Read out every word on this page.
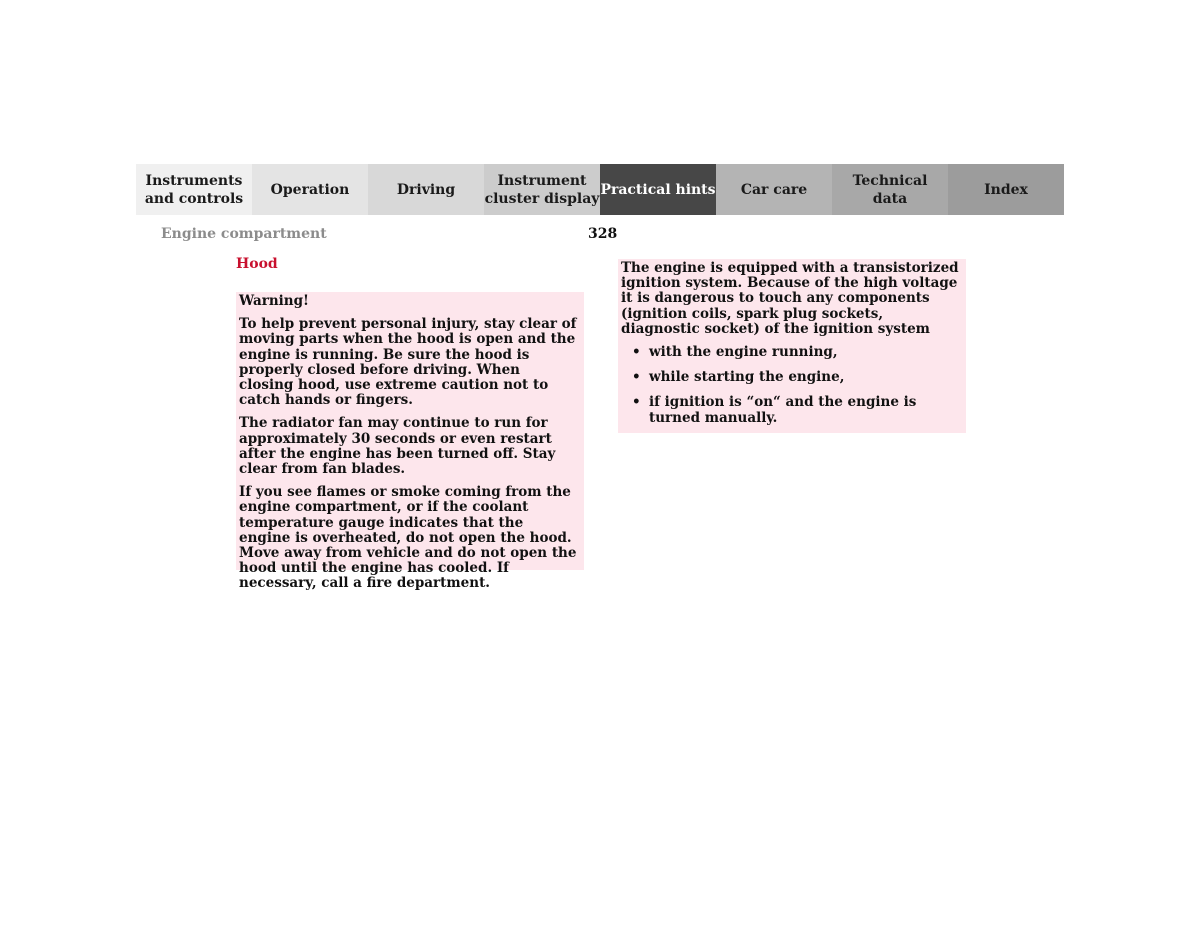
Instruments
and controls
Operation	Driving
Instrument
cluster display
Practical hints	Car care
Technical
data
Index
Engine compartment	328
Hood

Warning!

To help prevent personal injury, stay clear of moving parts when the hood is open and the engine is running. Be sure the hood is properly closed before driving. When closing hood, use extreme caution not to catch hands or fingers.

The radiator fan may continue to run for approximately 30 seconds or even restart after the engine has been turned off. Stay clear from fan blades.

If you see flames or smoke coming from the engine compartment, or if the coolant temperature gauge indicates that the engine is overheated, do not open the hood. Move away from vehicle and do not open the hood until the engine has cooled. If necessary, call a fire department.

The engine is equipped with a transistorized ignition system. Because of the high voltage it is dangerous to touch any components (ignition coils, spark plug sockets, diagnostic socket) of the ignition system

• with the engine running,
• while starting the engine,
• if ignition is “on“ and the engine is turned manually.
